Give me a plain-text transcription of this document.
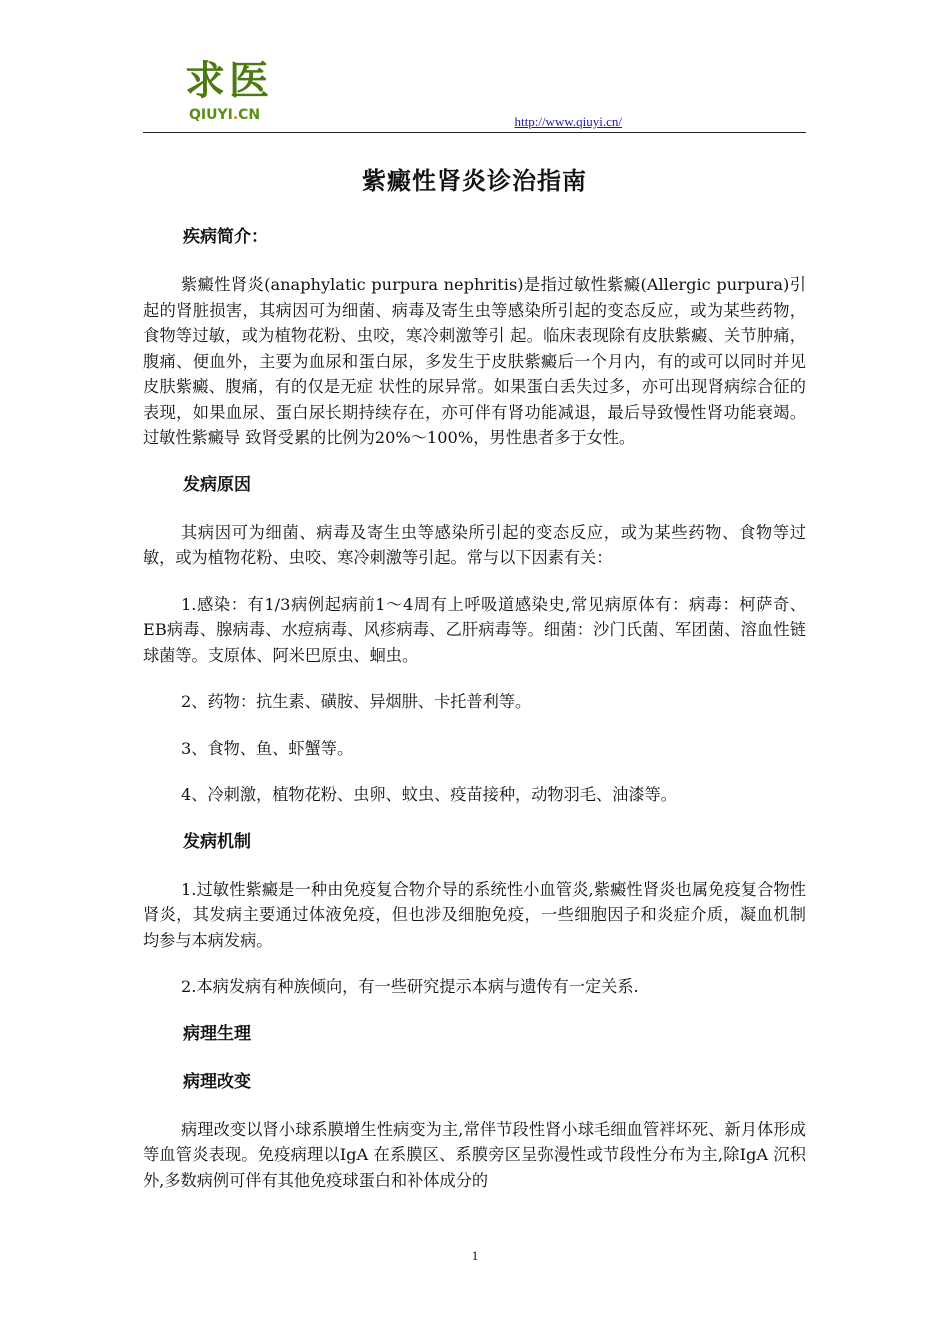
求医
QIUYI.CN	http://www.qiuyi.cn/
紫癜性肾炎诊治指南
疾病简介：

紫癜性肾炎(anaphylatic purpura nephritis)是指过敏性紫癜(Allergic purpura)引起的肾脏损害，其病因可为细菌、病毒及寄生虫等感染所引起的变态反应，或为某些药物，食物等过敏，或为植物花粉、虫咬，寒冷刺激等引 起。临床表现除有皮肤紫癜、关节肿痛，腹痛、便血外，主要为血尿和蛋白尿，多发生于皮肤紫癜后一个月内，有的或可以同时并见皮肤紫癜、腹痛，有的仅是无症 状性的尿异常。如果蛋白丢失过多，亦可出现肾病综合征的表现，如果血尿、蛋白尿长期持续存在，亦可伴有肾功能减退，最后导致慢性肾功能衰竭。过敏性紫癜导 致肾受累的比例为20%～100%，男性患者多于女性。

发病原因

其病因可为细菌、病毒及寄生虫等感染所引起的变态反应，或为某些药物、食物等过敏，或为植物花粉、虫咬、寒冷刺激等引起。常与以下因素有关：

1.感染：有1/3病例起病前1～4周有上呼吸道感染史,常见病原体有：病毒：柯萨奇、EB病毒、腺病毒、水痘病毒、风疹病毒、乙肝病毒等。细菌：沙门氏菌、军团菌、溶血性链球菌等。支原体、阿米巴原虫、蛔虫。

2、药物：抗生素、磺胺、异烟肼、卡托普利等。

3、食物、鱼、虾蟹等。

4、冷刺激，植物花粉、虫卵、蚊虫、疫苗接种，动物羽毛、油漆等。

发病机制

1.过敏性紫癜是一种由免疫复合物介导的系统性小血管炎,紫癜性肾炎也属免疫复合物性肾炎，其发病主要通过体液免疫，但也涉及细胞免疫，一些细胞因子和炎症介质，凝血机制均参与本病发病。

2.本病发病有种族倾向，有一些研究提示本病与遗传有一定关系.

病理生理
病理改变

病理改变以肾小球系膜增生性病变为主,常伴节段性肾小球毛细血管袢坏死、新月体形成等血管炎表现。免疫病理以IgA 在系膜区、系膜旁区呈弥漫性或节段性分布为主,除IgA 沉积外,多数病例可伴有其他免疫球蛋白和补体成分的

1
